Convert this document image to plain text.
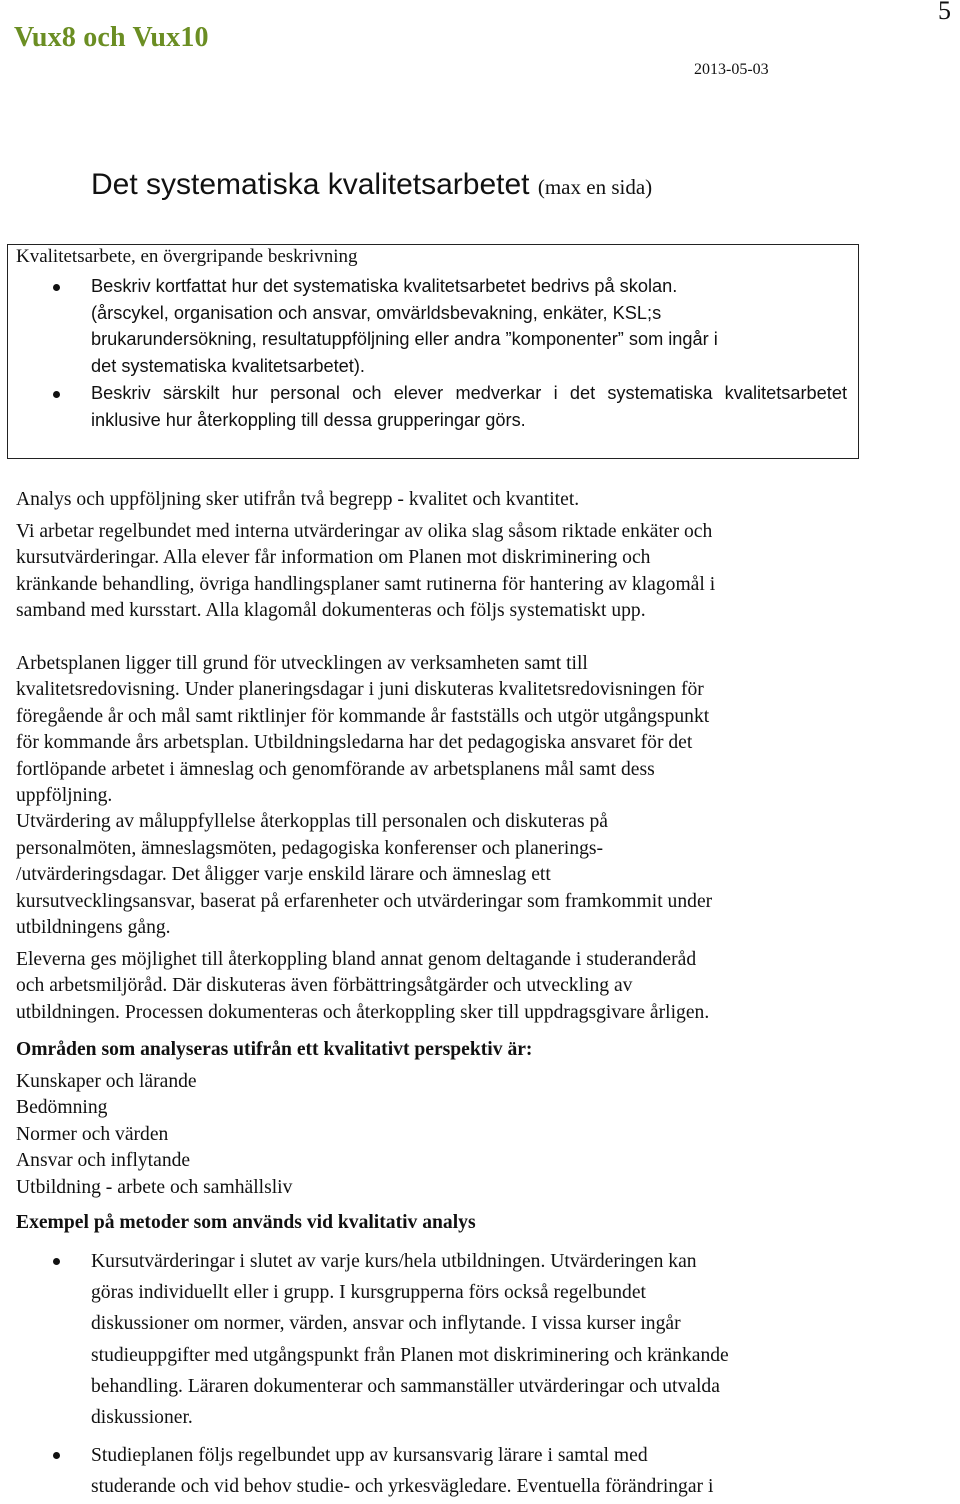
Vux8 och Vux10
2013-05-03
5
Det systematiska kvalitetsarbetet (max en sida)
Kvalitetsarbete, en övergripande beskrivning
Beskriv kortfattat hur det systematiska kvalitetsarbetet bedrivs på skolan.
(årscykel, organisation och ansvar, omvärldsbevakning, enkäter, KSL;s
brukarundersökning, resultatuppföljning eller andra ”komponenter” som ingår i
det systematiska kvalitetsarbetet).
Beskriv särskilt hur personal och elever medverkar i det systematiska kvalitetsarbetet inklusive hur återkoppling till dessa grupperingar görs.
Analys och uppföljning sker utifrån två begrepp - kvalitet och kvantitet.
Vi arbetar regelbundet med interna utvärderingar av olika slag såsom riktade enkäter och
kursutvärderingar. Alla elever får information om Planen mot diskriminering och
kränkande behandling, övriga handlingsplaner samt rutinerna för hantering av klagomål i
samband med kursstart. Alla klagomål dokumenteras och följs systematiskt upp.
Arbetsplanen ligger till grund för utvecklingen av verksamheten samt till
kvalitetsredovisning. Under planeringsdagar i juni diskuteras kvalitetsredovisningen för
föregående år och mål samt riktlinjer för kommande år fastställs och utgör utgångspunkt
för kommande års arbetsplan. Utbildningsledarna har det pedagogiska ansvaret för det
fortlöpande arbetet i ämneslag och genomförande av arbetsplanens mål samt dess
uppföljning.
Utvärdering av måluppfyllelse återkopplas till personalen och diskuteras på
personalmöten, ämneslagsmöten, pedagogiska konferenser och planerings-
/utvärderingsdagar. Det åligger varje enskild lärare och ämneslag ett
kursutvecklingsansvar, baserat på erfarenheter och utvärderingar som framkommit under
utbildningens gång.
Eleverna ges möjlighet till återkoppling bland annat genom deltagande i studeranderåd
och arbetsmiljöråd. Där diskuteras även förbättringsåtgärder och utveckling av
utbildningen. Processen dokumenteras och återkoppling sker till uppdragsgivare årligen.
Områden som analyseras utifrån ett kvalitativt perspektiv är:
Kunskaper och lärande
Bedömning
Normer och värden
Ansvar och inflytande
Utbildning - arbete och samhällsliv
Exempel på metoder som används vid kvalitativ analys
Kursutvärderingar i slutet av varje kurs/hela utbildningen. Utvärderingen kan
göras individuellt eller i grupp. I kursgrupperna förs också regelbundet
diskussioner om normer, värden, ansvar och inflytande. I vissa kurser ingår
studieuppgifter med utgångspunkt från Planen mot diskriminering och kränkande
behandling. Läraren dokumenterar och sammanställer utvärderingar och utvalda
diskussioner.
Studieplanen följs regelbundet upp av kursansvarig lärare i samtal med
studerande och vid behov studie- och yrkesvägledare. Eventuella förändringar i
